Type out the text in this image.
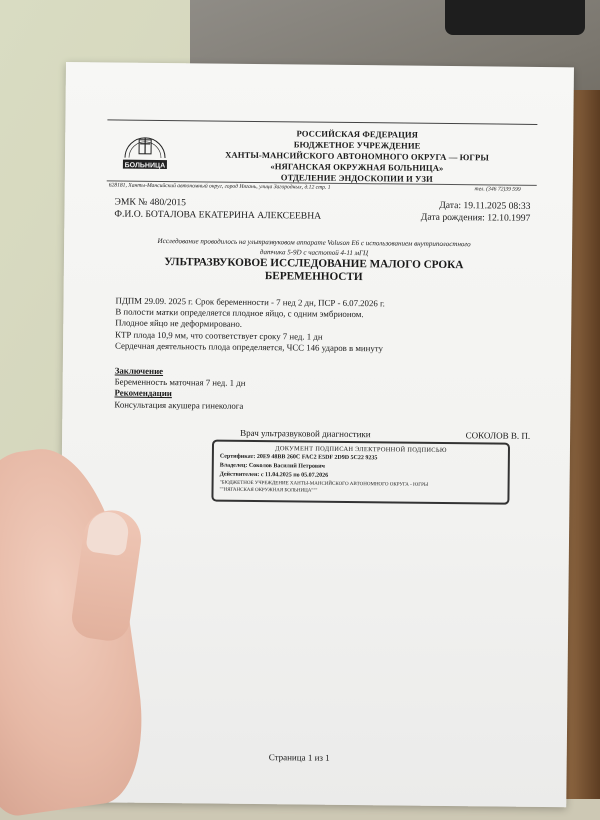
БОЛЬНИЦА
РОССИЙСКАЯ ФЕДЕРАЦИЯ
БЮДЖЕТНОЕ УЧРЕЖДЕНИЕ
ХАНТЫ-МАНСИЙСКОГО АВТОНОМНОГО ОКРУГА — ЮГРЫ
«НЯГАНСКАЯ ОКРУЖНАЯ БОЛЬНИЦА»
ОТДЕЛЕНИЕ ЭНДОСКОПИИ И УЗИ
628181, Ханты-Мансийский автономный округ, город Нягань, улица Загородных, д.12 стр. 1	тел. (346 72)39 599
ЭМК № 480/2015	Дата: 19.11.2025 08:33
Ф.И.О. БОТАЛОВА ЕКАТЕРИНА АЛЕКСЕЕВНА	Дата рождения: 12.10.1997
Исследование проводилось на ультразвуковом аппарате Voluson E6 с использованием внутриполостного
датчика 5-9D с частотой 4-11 мГЦ
УЛЬТРАЗВУКОВОЕ ИССЛЕДОВАНИЕ МАЛОГО СРОКА
БЕРЕМЕННОСТИ
ПДПМ 29.09. 2025 г. Срок беременности - 7 нед 2 дн, ПСР - 6.07.2026 г.
В полости матки определяется плодное яйцо, с одним эмбрионом.
Плодное яйцо не деформировано.
КТР плода 10,9 мм, что соответствует сроку 7 нед. 1 дн
Сердечная деятельность плода определяется, ЧСС 146 ударов в минуту
Заключение
Беременность маточная 7 нед. 1 дн
Рекомендации
Консультация акушера гинеколога
Врач ультразвуковой диагностики	СОКОЛОВ В. П.
ДОКУМЕНТ ПОДПИСАН ЭЛЕКТРОННОЙ ПОДПИСЬЮ
Сертификат: 20E9 48BB 260C FAC2 E5DF 2D9D 5C22 9235
Владелец: Соколов Василий Петрович
Действителен: с 11.04.2025 по 05.07.2026
"БЮДЖЕТНОЕ УЧРЕЖДЕНИЕ ХАНТЫ-МАНСИЙСКОГО АВТОНОМНОГО ОКРУГА - ЮГРЫ
""НЯГАНСКАЯ ОКРУЖНАЯ БОЛЬНИЦА"""
Страница 1 из 1
